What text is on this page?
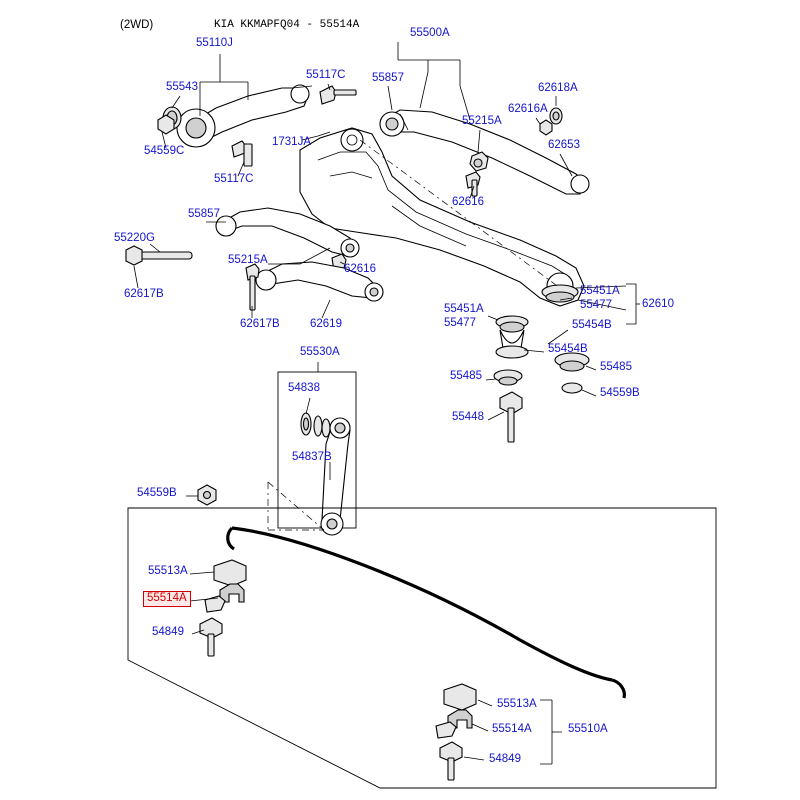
(2WD)	KIA KKMAPFQ04 - 55514A
55110J
55543
55117C 55857
55500A
62618A
62616A
55215A
62653
54559C
1731JA
55117C
62616
55857
55220G
55215A
62616
62617B
62617B	62619
55451A
55477
55451A
55477	62610
55454B
55454B
55485
55485
54559B
55448
55530A
54838
54837B
54559B
55513A
54849
55513A
55514A	55510A
54849
55514A
